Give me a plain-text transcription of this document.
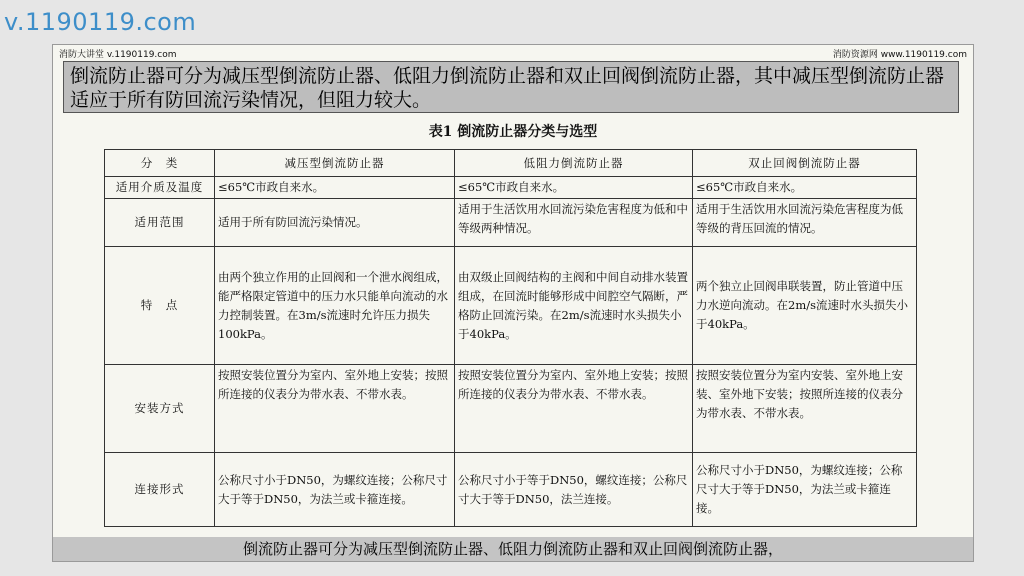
v.1190119.com
消防大讲堂 v.1190119.com	消防资源网 www.1190119.com
倒流防止器可分为减压型倒流防止器、低阻力倒流防止器和双止回阀倒流防止器，其中减压型倒流防止器适应于所有防回流污染情况，但阻力较大。
表1 倒流防止器分类与选型
分　类	减压型倒流防止器	低阻力倒流防止器	双止回阀倒流防止器
适用介质及温度	≤65℃市政自来水。	≤65℃市政自来水。	≤65℃市政自来水。
适用范围	适用于所有防回流污染情况。	适用于生活饮用水回流污染危害程度为低和中等级两种情况。	适用于生活饮用水回流污染危害程度为低等级的背压回流的情况。
特　点	由两个独立作用的止回阀和一个泄水阀组成，能严格限定管道中的压力水只能单向流动的水力控制装置。在3m/s流速时允许压力损失100kPa。	由双级止回阀结构的主阀和中间自动排水装置组成，在回流时能够形成中间腔空气隔断，严格防止回流污染。在2m/s流速时水头损失小于40kPa。	两个独立止回阀串联装置，防止管道中压力水逆向流动。在2m/s流速时水头损失小于40kPa。
安装方式	按照安装位置分为室内、室外地上安装；按照所连接的仪表分为带水表、不带水表。	按照安装位置分为室内、室外地上安装；按照所连接的仪表分为带水表、不带水表。	按照安装位置分为室内安装、室外地上安装、室外地下安装；按照所连接的仪表分为带水表、不带水表。
连接形式	公称尺寸小于DN50，为螺纹连接；公称尺寸大于等于DN50，为法兰或卡箍连接。	公称尺寸小于等于DN50，螺纹连接；公称尺寸大于等于DN50，法兰连接。	公称尺寸小于DN50，为螺纹连接；公称尺寸大于等于DN50，为法兰或卡箍连接。
倒流防止器可分为减压型倒流防止器、低阻力倒流防止器和双止回阀倒流防止器，
